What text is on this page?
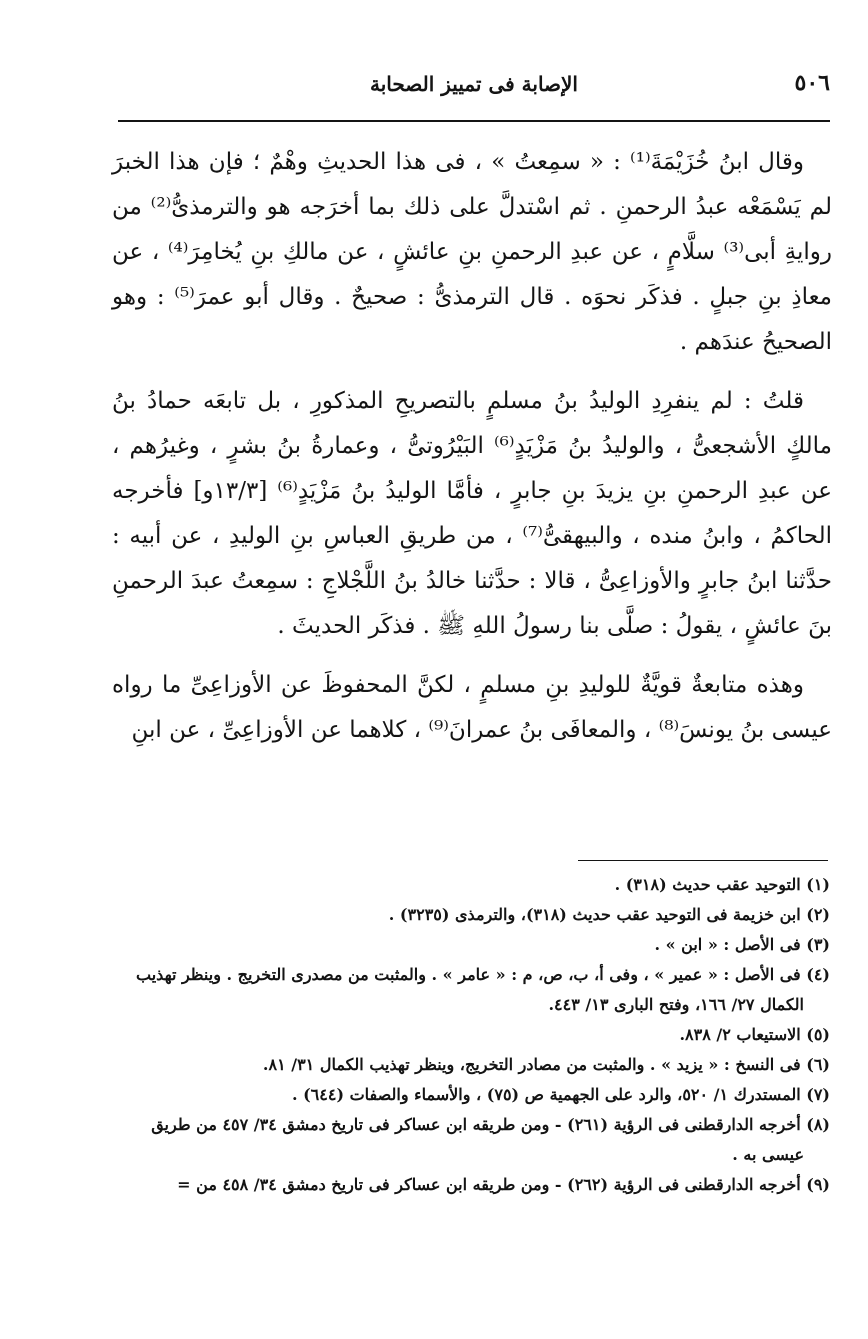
٥٠٦
الإصابة فى تمييز الصحابة

وقال ابنُ خُزَيْمَةَ⁽¹⁾ : « سمِعتُ » ، فى هذا الحديثِ وهْمٌ ؛ فإن هذا الخبرَ لم يَسْمَعْه عبدُ الرحمنِ . ثم اسْتدلَّ على ذلك بما أخرَجه هو والترمذىُّ⁽²⁾ من روايةِ أبى⁽³⁾ سلَّامٍ ، عن عبدِ الرحمنِ بنِ عائشٍ ، عن مالكِ بنِ يُخامِرَ⁽⁴⁾ ، عن معاذِ بنِ جبلٍ . فذكَر نحوَه . قال الترمذىُّ : صحيحٌ . وقال أبو عمرَ⁽⁵⁾ : وهو الصحيحُ عندَهم .

قلتُ : لم ينفرِدِ الوليدُ بنُ مسلمٍ بالتصريحِ المذكورِ ، بل تابعَه حمادُ بنُ مالكٍ الأشجعىُّ ، والوليدُ بنُ مَزْيَدٍ⁽⁶⁾ البَيْرُوتىُّ ، وعمارةُ بنُ بشرٍ ، وغيرُهم ، عن عبدِ الرحمنِ بنِ يزيدَ بنِ جابرٍ ، فأمَّا الوليدُ بنُ مَزْيَدٍ⁽⁶⁾ [١٣/٣و] فأخرجه الحاكمُ ، وابنُ منده ، والبيهقىُّ⁽⁷⁾ ، من طريقِ العباسِ بنِ الوليدِ ، عن أبيه : حدَّثنا ابنُ جابرٍ والأوزاعِىُّ ، قالا : حدَّثنا خالدُ بنُ اللَّجْلاجِ : سمِعتُ عبدَ الرحمنِ بنَ عائشٍ ، يقولُ : صلَّى بنا رسولُ اللهِ ﷺ . فذكَر الحديثَ .

وهذه متابعةٌ قويَّةٌ للوليدِ بنِ مسلمٍ ، لكنَّ المحفوظَ عن الأوزاعِىِّ ما رواه عيسى بنُ يونسَ⁽⁸⁾ ، والمعافَى بنُ عمرانَ⁽⁹⁾ ، كلاهما عن الأوزاعِىِّ ، عن ابنِ

(١) التوحيد عقب حديث (٣١٨) .
(٢) ابن خزيمة فى التوحيد عقب حديث (٣١٨)، والترمذى (٣٢٣٥) .
(٣) فى الأصل : « ابن » .
(٤) فى الأصل : « عمير » ، وفى أ، ب، ص، م : « عامر » . والمثبت من مصدرى التخريج . وينظر تهذيب الكمال ٢٧/ ١٦٦، وفتح البارى ١٣/ ٤٤٣.
(٥) الاستيعاب ٢/ ٨٣٨.
(٦) فى النسخ : « يزيد » . والمثبت من مصادر التخريج، وينظر تهذيب الكمال ٣١/ ٨١.
(٧) المستدرك ١/ ٥٢٠، والرد على الجهمية ص (٧٥) ، والأسماء والصفات (٦٤٤) .
(٨) أخرجه الدارقطنى فى الرؤية (٢٦١) - ومن طريقه ابن عساكر فى تاريخ دمشق ٣٤/ ٤٥٧ من طريق عيسى به .
(٩) أخرجه الدارقطنى فى الرؤية (٢٦٢) - ومن طريقه ابن عساكر فى تاريخ دمشق ٣٤/ ٤٥٨ من =
